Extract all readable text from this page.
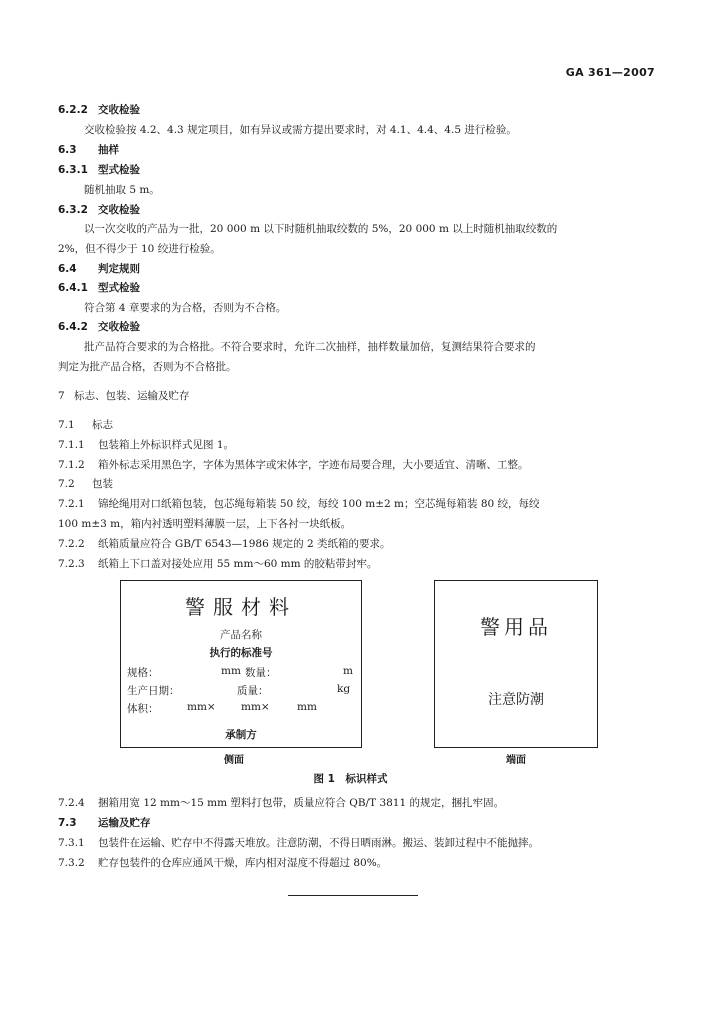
GA 361—2007
6.2.2 交收检验
交收检验按 4.2、4.3 规定项目，如有异议或需方提出要求时，对 4.1、4.4、4.5 进行检验。
6.3 抽样
6.3.1 型式检验
随机抽取 5 m。
6.3.2 交收检验
以一次交收的产品为一批，20 000 m 以下时随机抽取绞数的 5%，20 000 m 以上时随机抽取绞数的
2%，但不得少于 10 绞进行检验。
6.4 判定规则
6.4.1 型式检验
符合第 4 章要求的为合格，否则为不合格。
6.4.2 交收检验
批产品符合要求的为合格批。不符合要求时，允许二次抽样，抽样数量加倍，复测结果符合要求的
判定为批产品合格，否则为不合格批。
7 标志、包装、运输及贮存
7.1 标志
7.1.1 包装箱上外标识样式见图 1。
7.1.2 箱外标志采用黑色字，字体为黑体字或宋体字，字迹布局要合理，大小要适宜、清晰、工整。
7.2 包装
7.2.1 锦纶绳用对口纸箱包装，包芯绳每箱装 50 绞，每绞 100 m±2 m；空芯绳每箱装 80 绞，每绞
100 m±3 m，箱内衬透明塑料薄膜一层，上下各衬一块纸板。
7.2.2 纸箱质量应符合 GB/T 6543—1986 规定的 2 类纸箱的要求。
7.2.3 纸箱上下口盖对接处应用 55 mm～60 mm 的胶粘带封牢。
警服材料
产品名称
执行的标准号
规格：	mm 数量：	m
生产日期：	质量：	kg
体积：	mm× mm×	mm
承制方
侧面
警用品
注意防潮
端面
图 1　标识样式
7.2.4 捆箱用宽 12 mm～15 mm 塑料打包带，质量应符合 QB/T 3811 的规定，捆扎牢固。
7.3 运输及贮存
7.3.1 包装件在运输、贮存中不得露天堆放。注意防潮，不得日晒雨淋。搬运、装卸过程中不能抛摔。
7.3.2 贮存包装件的仓库应通风干燥，库内相对湿度不得超过 80%。
